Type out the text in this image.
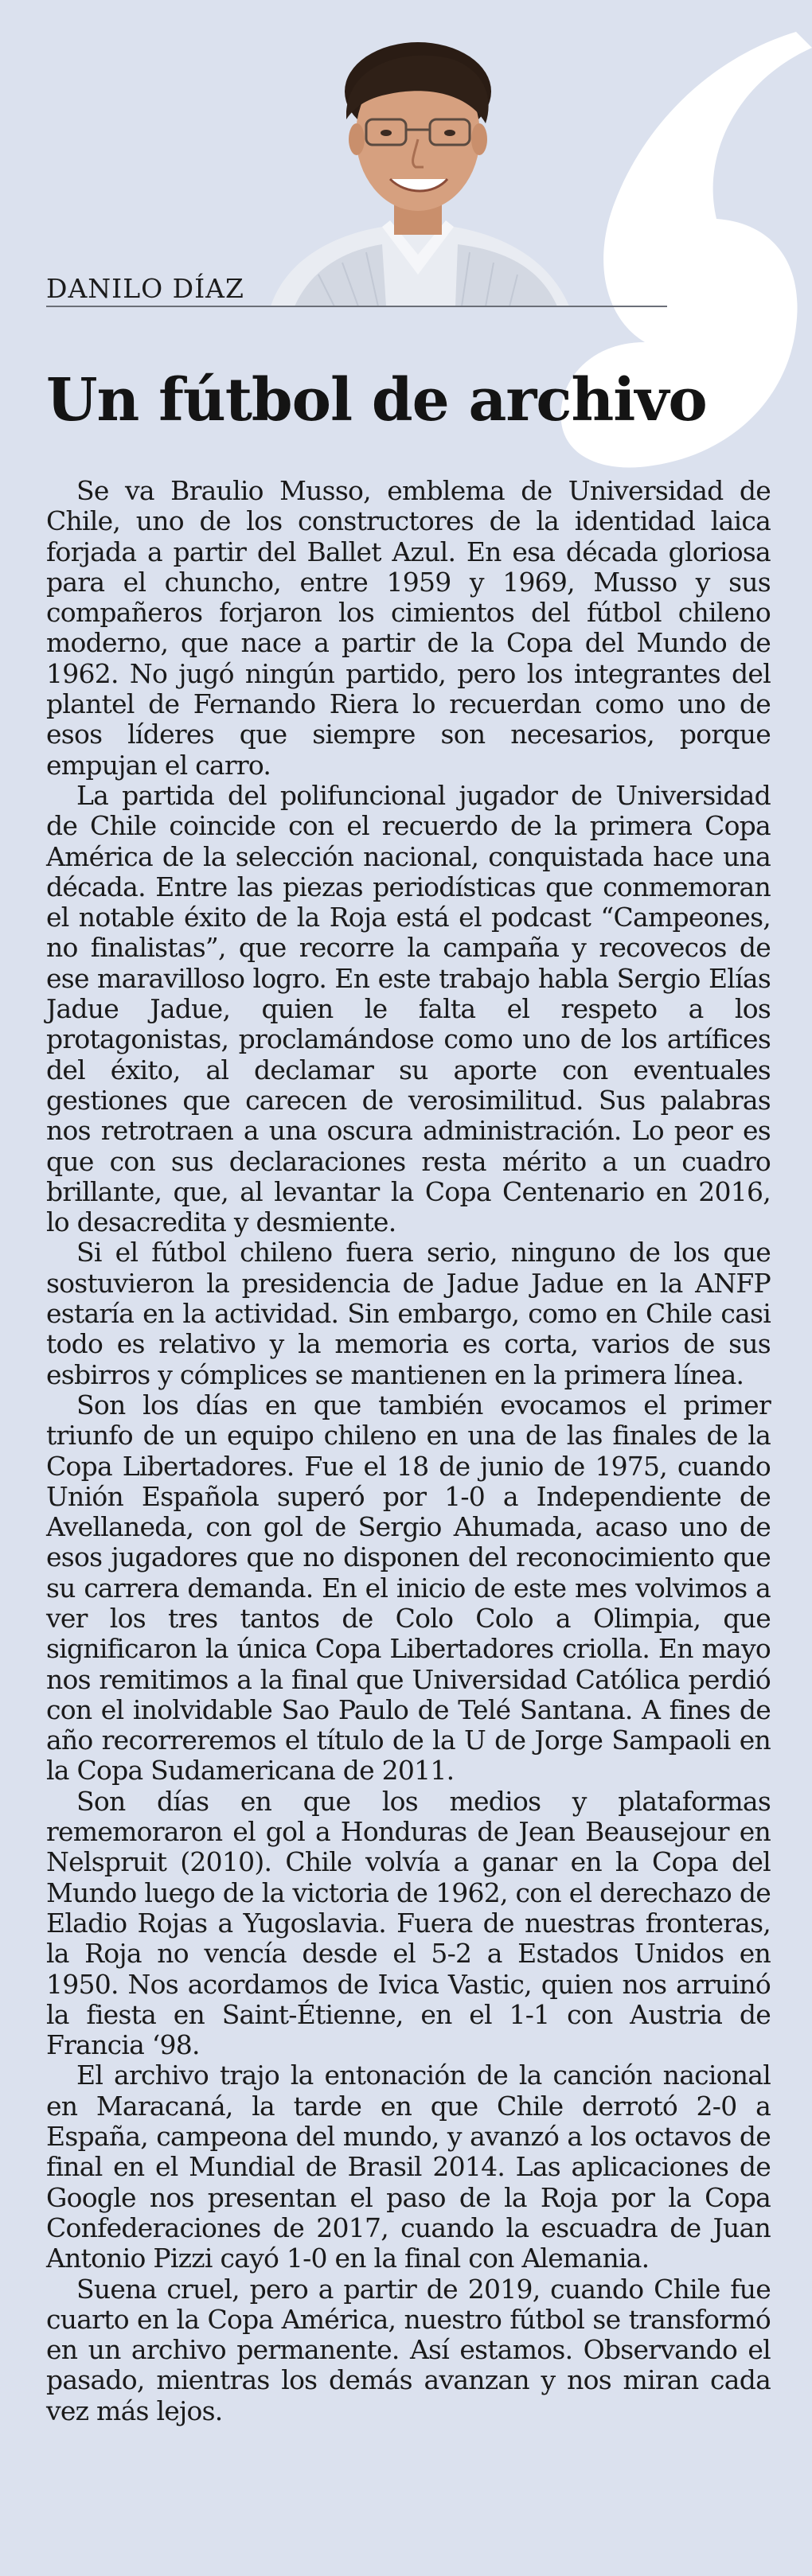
DANILO DÍAZ
Un fútbol de archivo

Se va Braulio Musso, emblema de Universidad de Chile, uno de los constructores de la identidad laica forjada a partir del Ballet Azul. En esa década gloriosa para el chuncho, entre 1959 y 1969, Musso y sus compañeros forjaron los cimientos del fútbol chileno moderno, que nace a partir de la Copa del Mundo de 1962. No jugó ningún partido, pero los integrantes del plantel de Fernando Riera lo recuerdan como uno de esos líderes que siempre son necesarios, porque empujan el carro.

La partida del polifuncional jugador de Universidad de Chile coincide con el recuerdo de la primera Copa América de la selección nacional, conquistada hace una década. Entre las piezas periodísticas que conmemoran el notable éxito de la Roja está el podcast “Campeones, no finalistas”, que recorre la campaña y recovecos de ese maravilloso logro. En este trabajo habla Sergio Elías Jadue Jadue, quien le falta el respeto a los protagonistas, proclamándose como uno de los artífices del éxito, al declamar su aporte con eventuales gestiones que carecen de verosimilitud. Sus palabras nos retrotraen a una oscura administración. Lo peor es que con sus declaraciones resta mérito a un cuadro brillante, que, al levantar la Copa Centenario en 2016, lo desacredita y desmiente.

Si el fútbol chileno fuera serio, ninguno de los que sostuvieron la presidencia de Jadue Jadue en la ANFP estaría en la actividad. Sin embargo, como en Chile casi todo es relativo y la memoria es corta, varios de sus esbirros y cómplices se mantienen en la primera línea.

Son los días en que también evocamos el primer triunfo de un equipo chileno en una de las finales de la Copa Libertadores. Fue el 18 de junio de 1975, cuando Unión Española superó por 1-0 a Independiente de Avellaneda, con gol de Sergio Ahumada, acaso uno de esos jugadores que no disponen del reconocimiento que su carrera demanda. En el inicio de este mes volvimos a ver los tres tantos de Colo Colo a Olimpia, que significaron la única Copa Libertadores criolla. En mayo nos remitimos a la final que Universidad Católica perdió con el inolvidable Sao Paulo de Telé Santana. A fines de año recorreremos el título de la U de Jorge Sampaoli en la Copa Sudamericana de 2011.

Son días en que los medios y plataformas rememoraron el gol a Honduras de Jean Beausejour en Nelspruit (2010). Chile volvía a ganar en la Copa del Mundo luego de la victoria de 1962, con el derechazo de Eladio Rojas a Yugoslavia. Fuera de nuestras fronteras, la Roja no vencía desde el 5-2 a Estados Unidos en 1950. Nos acordamos de Ivica Vastic, quien nos arruinó la fiesta en Saint-Étienne, en el 1-1 con Austria de Francia ‘98.

El archivo trajo la entonación de la canción nacional en Maracaná, la tarde en que Chile derrotó 2-0 a España, campeona del mundo, y avanzó a los octavos de final en el Mundial de Brasil 2014. Las aplicaciones de Google nos presentan el paso de la Roja por la Copa Confederaciones de 2017, cuando la escuadra de Juan Antonio Pizzi cayó 1-0 en la final con Alemania.

Suena cruel, pero a partir de 2019, cuando Chile fue cuarto en la Copa América, nuestro fútbol se transformó en un archivo permanente. Así estamos. Observando el pasado, mientras los demás avanzan y nos miran cada vez más lejos.
